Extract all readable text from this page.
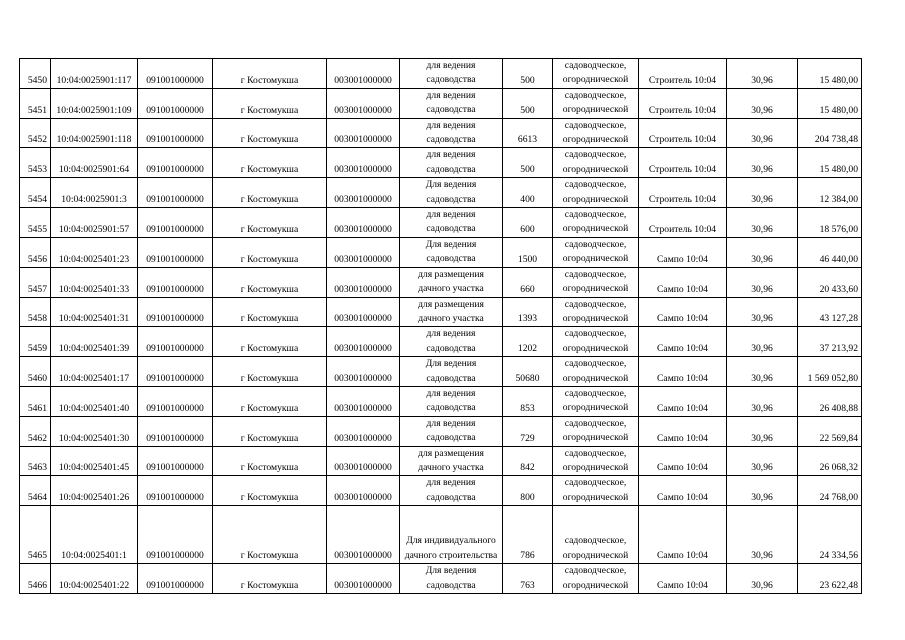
5450	10:04:0025901:117	091001000000	г Костомукша	003001000000	для ведения садоводства	500	садоводческое, огороднической	Строитель 10:04	30,96	15 480,00
5451	10:04:0025901:109	091001000000	г Костомукша	003001000000	для ведения садоводства	500	садоводческое, огороднической	Строитель 10:04	30,96	15 480,00
5452	10:04:0025901:118	091001000000	г Костомукша	003001000000	для ведения садоводства	6613	садоводческое, огороднической	Строитель 10:04	30,96	204 738,48
5453	10:04:0025901:64	091001000000	г Костомукша	003001000000	для ведения садоводства	500	садоводческое, огороднической	Строитель 10:04	30,96	15 480,00
5454	10:04:0025901:3	091001000000	г Костомукша	003001000000	Для ведения садоводства	400	садоводческое, огороднической	Строитель 10:04	30,96	12 384,00
5455	10:04:0025901:57	091001000000	г Костомукша	003001000000	для ведения садоводства	600	садоводческое, огороднической	Строитель 10:04	30,96	18 576,00
5456	10:04:0025401:23	091001000000	г Костомукша	003001000000	Для ведения садоводства	1500	садоводческое, огороднической	Сампо 10:04	30,96	46 440,00
5457	10:04:0025401:33	091001000000	г Костомукша	003001000000	для размещения дачного участка	660	садоводческое, огороднической	Сампо 10:04	30,96	20 433,60
5458	10:04:0025401:31	091001000000	г Костомукша	003001000000	для размещения дачного участка	1393	садоводческое, огороднической	Сампо 10:04	30,96	43 127,28
5459	10:04:0025401:39	091001000000	г Костомукша	003001000000	для ведения садоводства	1202	садоводческое, огороднической	Сампо 10:04	30,96	37 213,92
5460	10:04:0025401:17	091001000000	г Костомукша	003001000000	Для ведения садоводства	50680	садоводческое, огороднической	Сампо 10:04	30,96	1 569 052,80
5461	10:04:0025401:40	091001000000	г Костомукша	003001000000	для ведения садоводства	853	садоводческое, огороднической	Сампо 10:04	30,96	26 408,88
5462	10:04:0025401:30	091001000000	г Костомукша	003001000000	для ведения садоводства	729	садоводческое, огороднической	Сампо 10:04	30,96	22 569,84
5463	10:04:0025401:45	091001000000	г Костомукша	003001000000	для размещения дачного участка	842	садоводческое, огороднической	Сампо 10:04	30,96	26 068,32
5464	10:04:0025401:26	091001000000	г Костомукша	003001000000	для ведения садоводства	800	садоводческое, огороднической	Сампо 10:04	30,96	24 768,00
5465	10:04:0025401:1	091001000000	г Костомукша	003001000000	Для индивидуального дачного строительства	786	садоводческое, огороднической	Сампо 10:04	30,96	24 334,56
5466	10:04:0025401:22	091001000000	г Костомукша	003001000000	Для ведения садоводства	763	садоводческое, огороднической	Сампо 10:04	30,96	23 622,48
